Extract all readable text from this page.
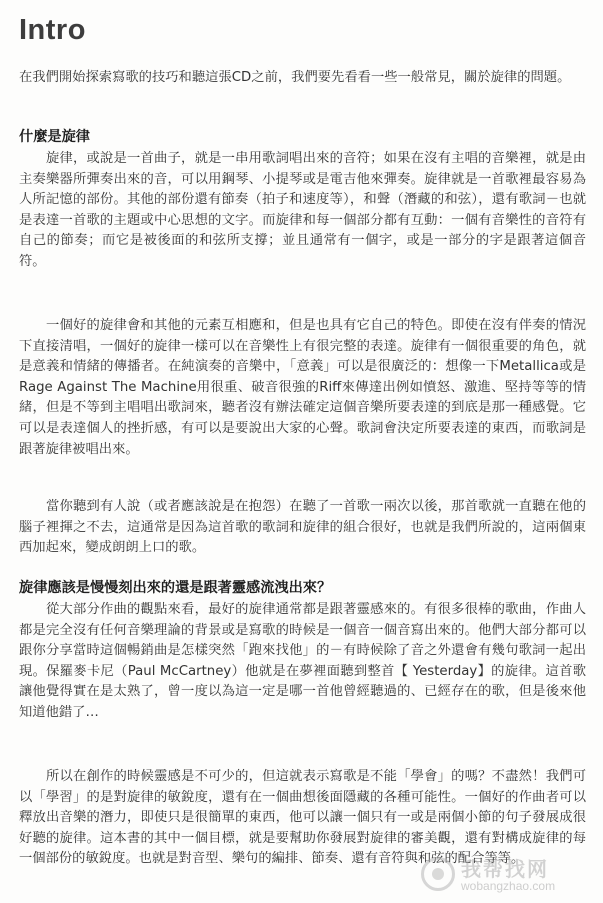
Intro

在我們開始探索寫歌的技巧和聽這張CD之前，我們要先看看一些一般常見，關於旋律的問題。

什麼是旋律

　　旋律，或說是一首曲子，就是一串用歌詞唱出來的音符；如果在沒有主唱的音樂裡，就是由主奏樂器所彈奏出來的音，可以用鋼琴、小提琴或是電吉他來彈奏。旋律就是一首歌裡最容易為人所記憶的部份。其他的部份還有節奏（拍子和速度等），和聲（潛藏的和弦），還有歌詞－也就是表達一首歌的主題或中心思想的文字。而旋律和每一個部分都有互動：一個有音樂性的音符有自己的節奏；而它是被後面的和弦所支撐；並且通常有一個字，或是一部分的字是跟著這個音符。

　　一個好的旋律會和其他的元素互相應和，但是也具有它自己的特色。即使在沒有伴奏的情況下直接清唱，一個好的旋律一樣可以在音樂性上有很完整的表達。旋律有一個很重要的角色，就是意義和情緒的傳播者。在純演奏的音樂中，「意義」可以是很廣泛的：想像一下Metallica或是Rage Against The Machine用很重、破音很強的Riff來傳達出例如憤怒、激進、堅持等等的情緒，但是不等到主唱唱出歌詞來，聽者沒有辦法確定這個音樂所要表達的到底是那一種感覺。它可以是表達個人的挫折感，有可以是要說出大家的心聲。歌詞會決定所要表達的東西，而歌詞是跟著旋律被唱出來。

　　當你聽到有人說（或者應該說是在抱怨）在聽了一首歌一兩次以後，那首歌就一直聽在他的腦子裡揮之不去，這通常是因為這首歌的歌詞和旋律的組合很好，也就是我們所說的，這兩個東西加起來，變成朗朗上口的歌。

旋律應該是慢慢刻出來的還是跟著靈感流洩出來？

　　從大部分作曲的觀點來看，最好的旋律通常都是跟著靈感來的。有很多很棒的歌曲，作曲人都是完全沒有任何音樂理論的背景或是寫歌的時候是一個音一個音寫出來的。他們大部分都可以跟你分享當時這個暢銷曲是怎樣突然「跑來找他」的－有時候除了音之外還會有幾句歌詞一起出現。保羅麥卡尼（Paul McCartney）他就是在夢裡面聽到整首【 Yesterday】的旋律。這首歌讓他覺得實在是太熟了，曾一度以為這一定是哪一首他曾經聽過的、已經存在的歌，但是後來他知道他錯了…

　　所以在創作的時候靈感是不可少的，但這就表示寫歌是不能「學會」的嗎？不盡然！我們可以「學習」的是對旋律的敏銳度，還有在一個曲想後面隱藏的各種可能性。一個好的作曲者可以釋放出音樂的潛力，即使只是很簡單的東西，他可以讓一個只有一或是兩個小節的句子發展成很好聽的旋律。這本書的其中一個目標，就是要幫助你發展對旋律的審美觀，還有對構成旋律的每一個部份的敏銳度。也就是對音型、樂句的編排、節奏、還有音符與和弦的配合等等。

我帮找网
wobangzhao.com
